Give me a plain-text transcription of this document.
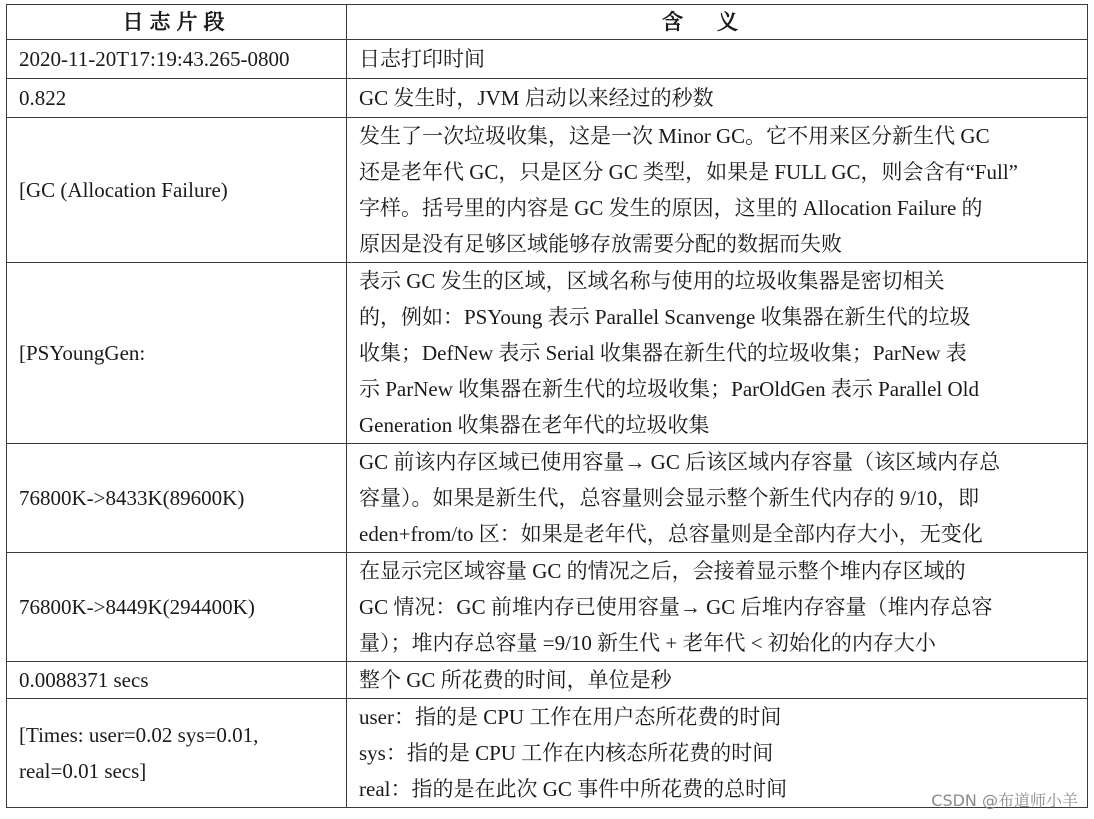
日志片段	含义

2020-11-20T17:19:43.265-0800	日志打印时间

0.822	GC 发生时，JVM 启动以来经过的秒数

[GC (Allocation Failure)	发生了一次垃圾收集，这是一次 Minor GC。它不用来区分新生代 GC
还是老年代 GC，只是区分 GC 类型，如果是 FULL GC，则会含有“Full”
字样。括号里的内容是 GC 发生的原因，这里的 Allocation Failure 的
原因是没有足够区域能够存放需要分配的数据而失败

[PSYoungGen:	表示 GC 发生的区域，区域名称与使用的垃圾收集器是密切相关
的，例如：PSYoung 表示 Parallel Scanvenge 收集器在新生代的垃圾
收集；DefNew 表示 Serial 收集器在新生代的垃圾收集；ParNew 表
示 ParNew 收集器在新生代的垃圾收集；ParOldGen 表示 Parallel Old
Generation 收集器在老年代的垃圾收集

76800K->8433K(89600K)	GC 前该内存区域已使用容量→ GC 后该区域内存容量（该区域内存总
容量）。如果是新生代，总容量则会显示整个新生代内存的 9/10，即
eden+from/to 区：如果是老年代，总容量则是全部内存大小，无变化

76800K->8449K(294400K)	在显示完区域容量 GC 的情况之后，会接着显示整个堆内存区域的
GC 情况：GC 前堆内存已使用容量→ GC 后堆内存容量（堆内存总容
量）；堆内存总容量 =9/10 新生代 + 老年代 < 初始化的内存大小

0.0088371 secs	整个 GC 所花费的时间，单位是秒

[Times: user=0.02 sys=0.01,
real=0.01 secs]	user：指的是 CPU 工作在用户态所花费的时间
sys：指的是 CPU 工作在内核态所花费的时间
real：指的是在此次 GC 事件中所花费的总时间	CSDN @布道师小羊
